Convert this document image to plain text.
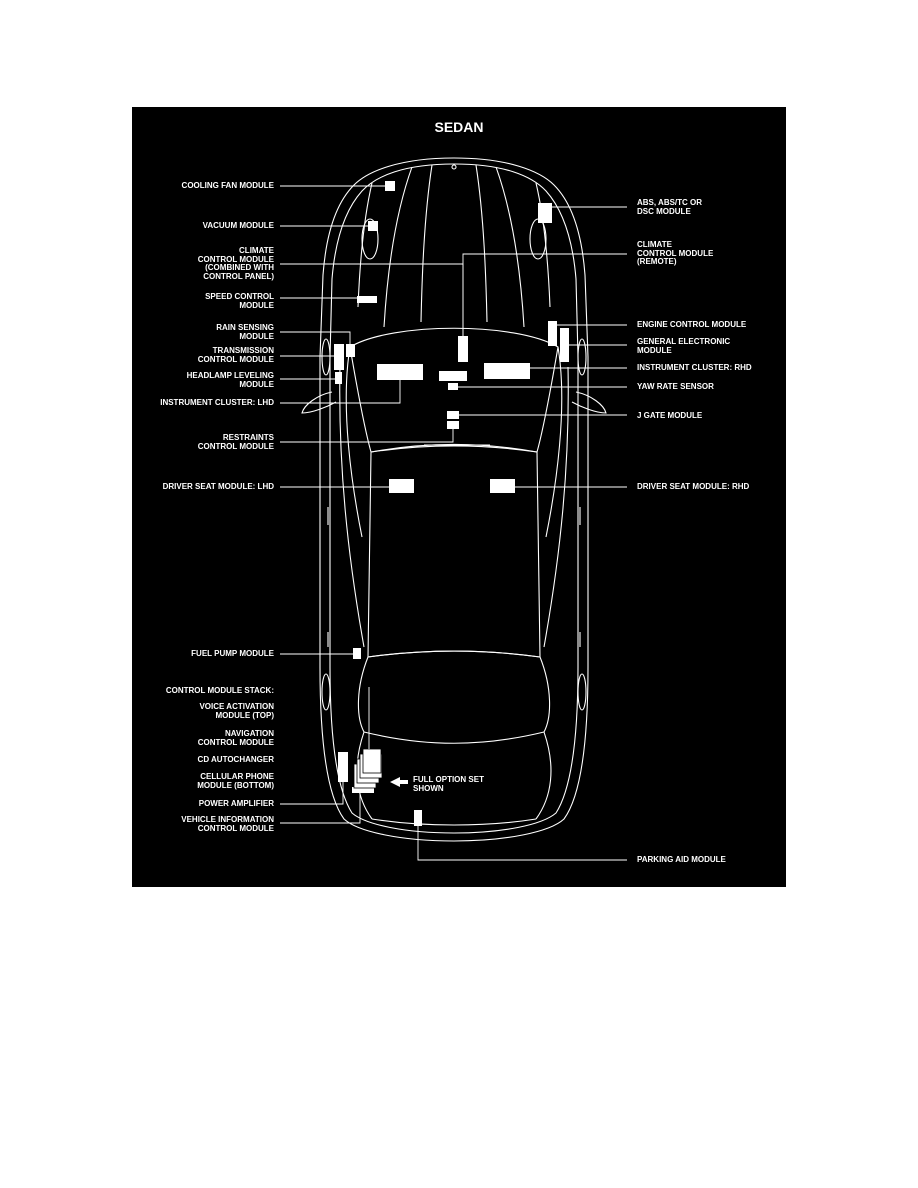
SEDAN
COOLING FAN MODULE
VACUUM MODULE
CLIMATE
CONTROL MODULE
(COMBINED WITH
CONTROL PANEL)
SPEED CONTROL
MODULE
RAIN SENSING
MODULE
TRANSMISSION
CONTROL MODULE
HEADLAMP LEVELING
MODULE
INSTRUMENT CLUSTER: LHD
RESTRAINTS
CONTROL MODULE
DRIVER SEAT MODULE: LHD
FUEL PUMP MODULE
CONTROL MODULE STACK:
VOICE ACTIVATION
MODULE (TOP)
NAVIGATION
CONTROL MODULE
CD AUTOCHANGER
CELLULAR PHONE
MODULE (BOTTOM)
POWER AMPLIFIER
VEHICLE INFORMATION
CONTROL MODULE
ABS, ABS/TC OR
DSC MODULE
CLIMATE
CONTROL MODULE
(REMOTE)
ENGINE CONTROL MODULE
GENERAL ELECTRONIC
MODULE
INSTRUMENT CLUSTER: RHD
YAW RATE SENSOR
J GATE MODULE
DRIVER SEAT MODULE: RHD
FULL OPTION SET
SHOWN
PARKING AID MODULE
